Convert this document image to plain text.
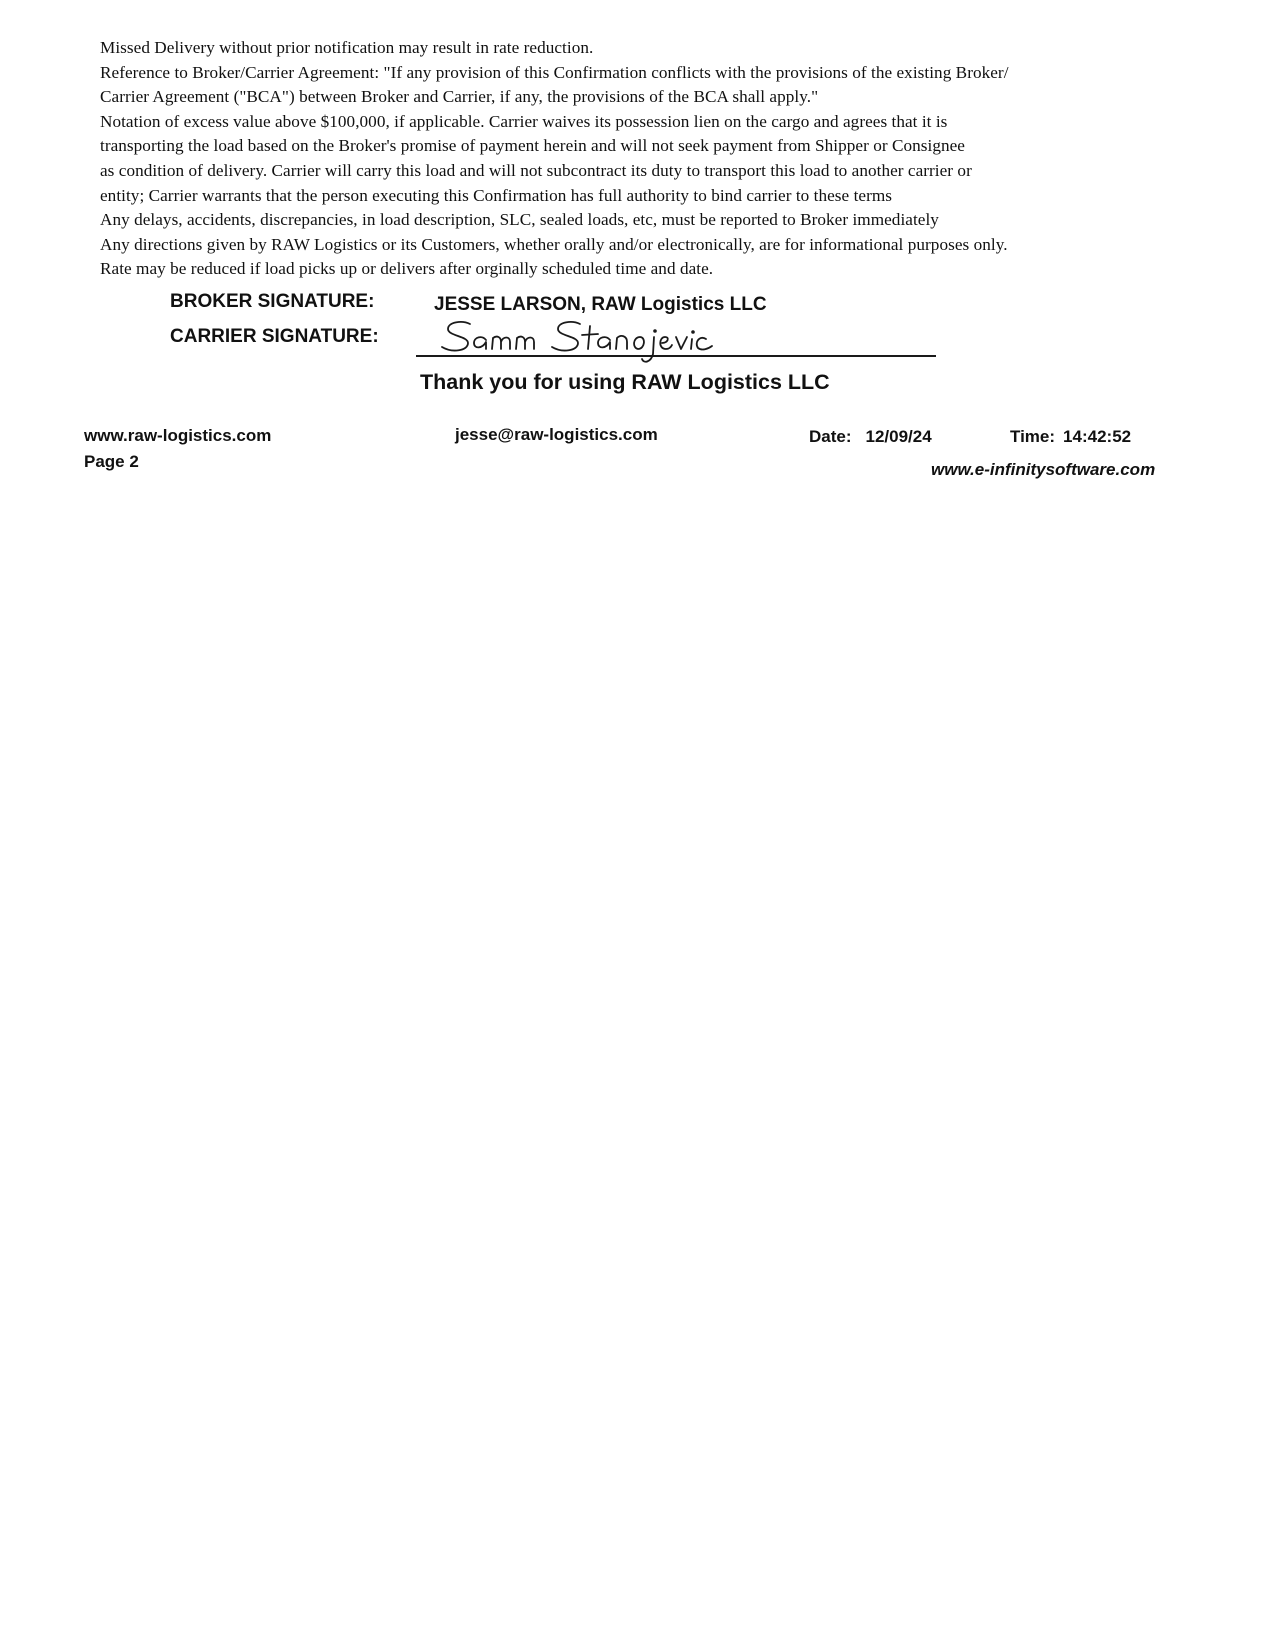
Missed Delivery without prior notification may result in rate reduction.

Reference to Broker/Carrier Agreement: "If any provision of this Confirmation conflicts with the provisions of the existing Broker/

Carrier Agreement ("BCA") between Broker and Carrier, if any, the provisions of the BCA shall apply."

Notation of excess value above $100,000, if applicable. Carrier waives its possession lien on the cargo and agrees that it is

transporting the load based on the Broker's promise of payment herein and will not seek payment from Shipper or Consignee

as condition of delivery. Carrier will carry this load and will not subcontract its duty to transport this load to another carrier or

entity; Carrier warrants that the person executing this Confirmation has full authority to bind carrier to these terms

Any delays, accidents, discrepancies, in load description, SLC, sealed loads, etc, must be reported to Broker immediately

Any directions given by RAW Logistics or its Customers, whether orally and/or electronically, are for informational purposes only.

Rate may be reduced if load picks up or delivers after orginally scheduled time and date.

BROKER SIGNATURE:	JESSE LARSON, RAW Logistics LLC
CARRIER SIGNATURE:
Thank you for using RAW Logistics LLC
www.raw-logistics.com	jesse@raw-logistics.com	Date: 12/09/24	Time: 14:42:52
Page 2	www.e-infinitysoftware.com
